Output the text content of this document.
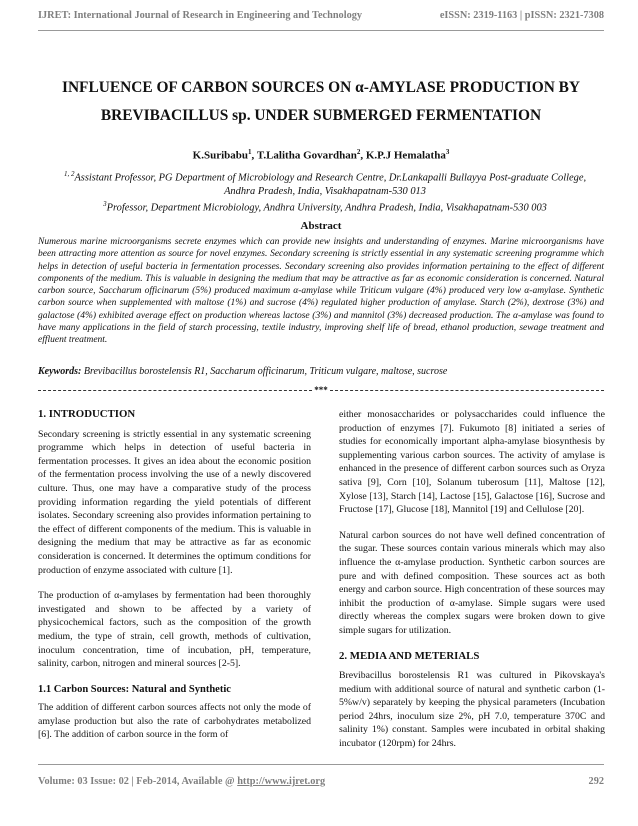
IJRET: International Journal of Research in Engineering and Technology	eISSN: 2319-1163 | pISSN: 2321-7308
INFLUENCE OF CARBON SOURCES ON α-AMYLASE PRODUCTION BY
BREVIBACILLUS sp. UNDER SUBMERGED FERMENTATION
K.Suribabu$^1$, T.Lalitha Govardhan$^2$, K.P.J Hemalatha$^3$
$^{1, 2}$Assistant Professor, PG Department of Microbiology and Research Centre, Dr.Lankapalli Bullayya Post-graduate College, Andhra Pradesh, India, Visakhapatnam-530 013
$^3$Professor, Department Microbiology, Andhra University, Andhra Pradesh, India, Visakhapatnam-530 003
Abstract
Numerous marine microorganisms secrete enzymes which can provide new insights and understanding of enzymes. Marine microorganisms have been attracting more attention as source for novel enzymes. Secondary screening is strictly essential in any systematic screening programme which helps in detection of useful bacteria in fermentation processes. Secondary screening also provides information pertaining to the effect of different components of the medium. This is valuable in designing the medium that may be attractive as far as economic consideration is concerned. Natural carbon source, Saccharum officinarum (5%) produced maximum α-amylase while Triticum vulgare (4%) produced very low α-amylase. Synthetic carbon source when supplemented with maltose (1%) and sucrose (4%) regulated higher production of amylase. Starch (2%), dextrose (3%) and galactose (4%) exhibited average effect on production whereas lactose (3%) and mannitol (3%) decreased production. The α-amylase was found to have many applications in the field of starch processing, textile industry, improving shelf life of bread, ethanol production, sewage treatment and effluent treatment.
Keywords: Brevibacillus borostelensis R1, Saccharum officinarum, Triticum vulgare, maltose, sucrose
***
1. INTRODUCTION

Secondary screening is strictly essential in any systematic screening programme which helps in detection of useful bacteria in fermentation processes. It gives an idea about the economic position of the fermentation process involving the use of a newly discovered culture. Thus, one may have a comparative study of the process providing information regarding the yield potentials of different isolates. Secondary screening also provides information pertaining to the effect of different components of the medium. This is valuable in designing the medium that may be attractive as far as economic consideration is concerned. It determines the optimum conditions for production of enzyme associated with culture [1].

The production of α-amylases by fermentation had been thoroughly investigated and shown to be affected by a variety of physicochemical factors, such as the composition of the growth medium, the type of strain, cell growth, methods of cultivation, inoculum concentration, time of incubation, pH, temperature, salinity, carbon, nitrogen and mineral sources [2-5].

1.1 Carbon Sources: Natural and Synthetic

The addition of different carbon sources affects not only the mode of amylase production but also the rate of carbohydrates metabolized [6]. The addition of carbon source in the form of

either monosaccharides or polysaccharides could influence the production of enzymes [7]. Fukumoto [8] initiated a series of studies for economically important alpha-amylase biosynthesis by supplementing various carbon sources. The activity of amylase is enhanced in the presence of different carbon sources such as Oryza sativa [9], Corn [10], Solanum tuberosum [11], Maltose [12], Xylose [13], Starch [14], Lactose [15], Galactose [16], Sucrose and Fructose [17], Glucose [18], Mannitol [19] and Cellulose [20].

Natural carbon sources do not have well defined concentration of the sugar. These sources contain various minerals which may also influence the α-amylase production. Synthetic carbon sources are pure and with defined composition. These sources act as both energy and carbon source. High concentration of these sources may inhibit the production of α-amylase. Simple sugars were used directly whereas the complex sugars were broken down to give simple sugars for utilization.

2. MEDIA AND METERIALS

Brevibacillus borostelensis R1 was cultured in Pikovskaya's medium with additional source of natural and synthetic carbon (1-5%w/v) separately by keeping the physical parameters (Incubation period 24hrs, inoculum size 2%, pH 7.0, temperature 370C and salinity 1%) constant. Samples were incubated in orbital shaking incubator (120rpm) for 24hrs.

Volume: 03 Issue: 02 | Feb-2014, Available @ http://www.ijret.org	292
